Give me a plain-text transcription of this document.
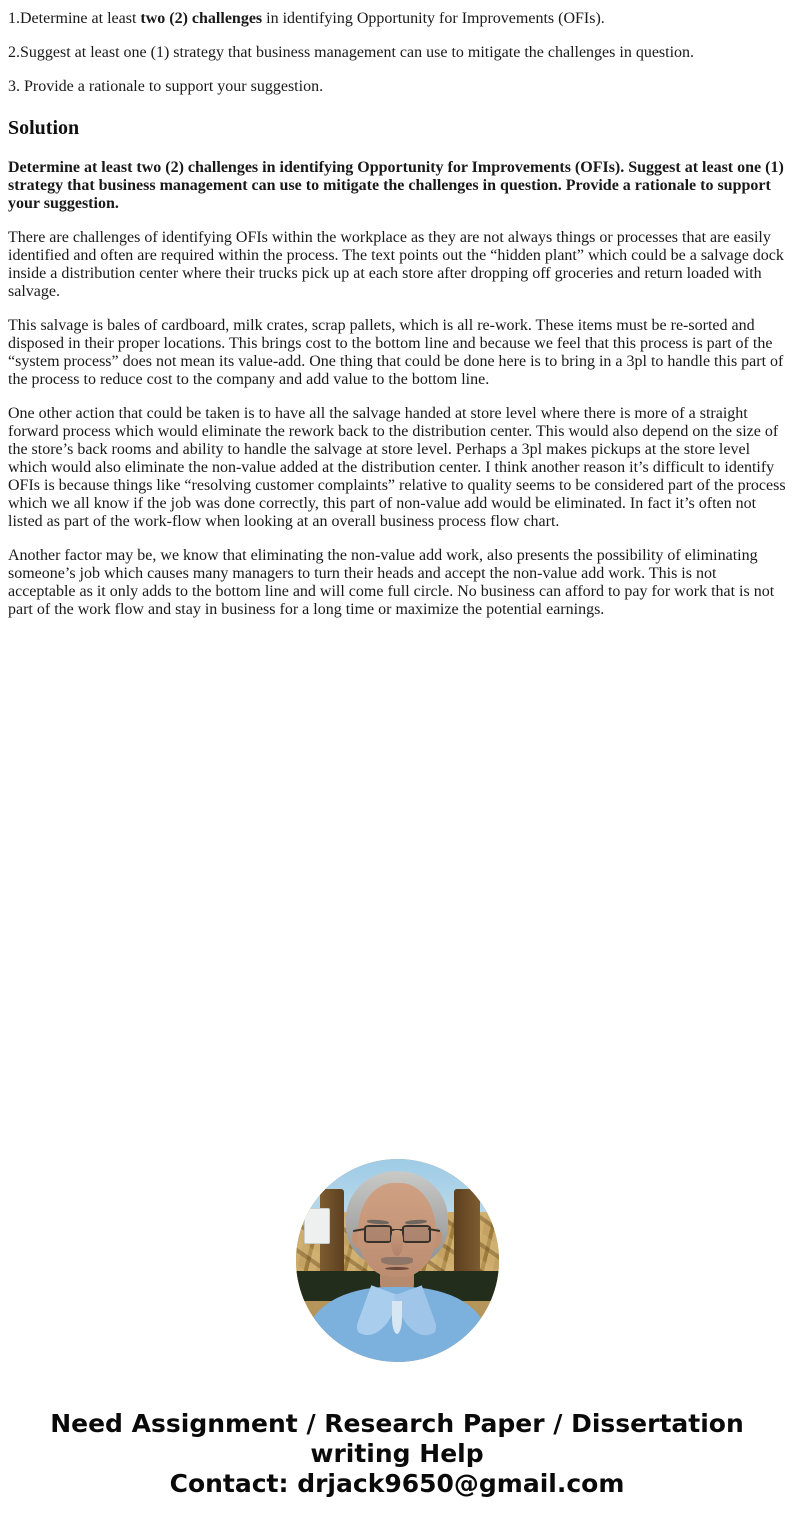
1.Determine at least two (2) challenges in identifying Opportunity for Improvements (OFIs).

2.Suggest at least one (1) strategy that business management can use to mitigate the challenges in question.

3. Provide a rationale to support your suggestion.

Solution

Determine at least two (2) challenges in identifying Opportunity for Improvements (OFIs). Suggest at least one (1) strategy that business management can use to mitigate the challenges in question. Provide a rationale to support your suggestion.

There are challenges of identifying OFIs within the workplace as they are not always things or processes that are easily identified and often are required within the process. The text points out the “hidden plant” which could be a salvage dock inside a distribution center where their trucks pick up at each store after dropping off groceries and return loaded with salvage.

This salvage is bales of cardboard, milk crates, scrap pallets, which is all re-work. These items must be re-sorted and disposed in their proper locations. This brings cost to the bottom line and because we feel that this process is part of the “system process” does not mean its value-add. One thing that could be done here is to bring in a 3pl to handle this part of the process to reduce cost to the company and add value to the bottom line.

One other action that could be taken is to have all the salvage handed at store level where there is more of a straight forward process which would eliminate the rework back to the distribution center. This would also depend on the size of the store’s back rooms and ability to handle the salvage at store level. Perhaps a 3pl makes pickups at the store level which would also eliminate the non-value added at the distribution center. I think another reason it’s difficult to identify OFIs is because things like “resolving customer complaints” relative to quality seems to be considered part of the process which we all know if the job was done correctly, this part of non-value add would be eliminated. In fact it’s often not listed as part of the work-flow when looking at an overall business process flow chart.

Another factor may be, we know that eliminating the non-value add work, also presents the possibility of eliminating someone’s job which causes many managers to turn their heads and accept the non-value add work. This is not acceptable as it only adds to the bottom line and will come full circle. No business can afford to pay for work that is not part of the work flow and stay in business for a long time or maximize the potential earnings.

Need Assignment / Research Paper / Dissertation
writing Help
Contact: drjack9650@gmail.com
